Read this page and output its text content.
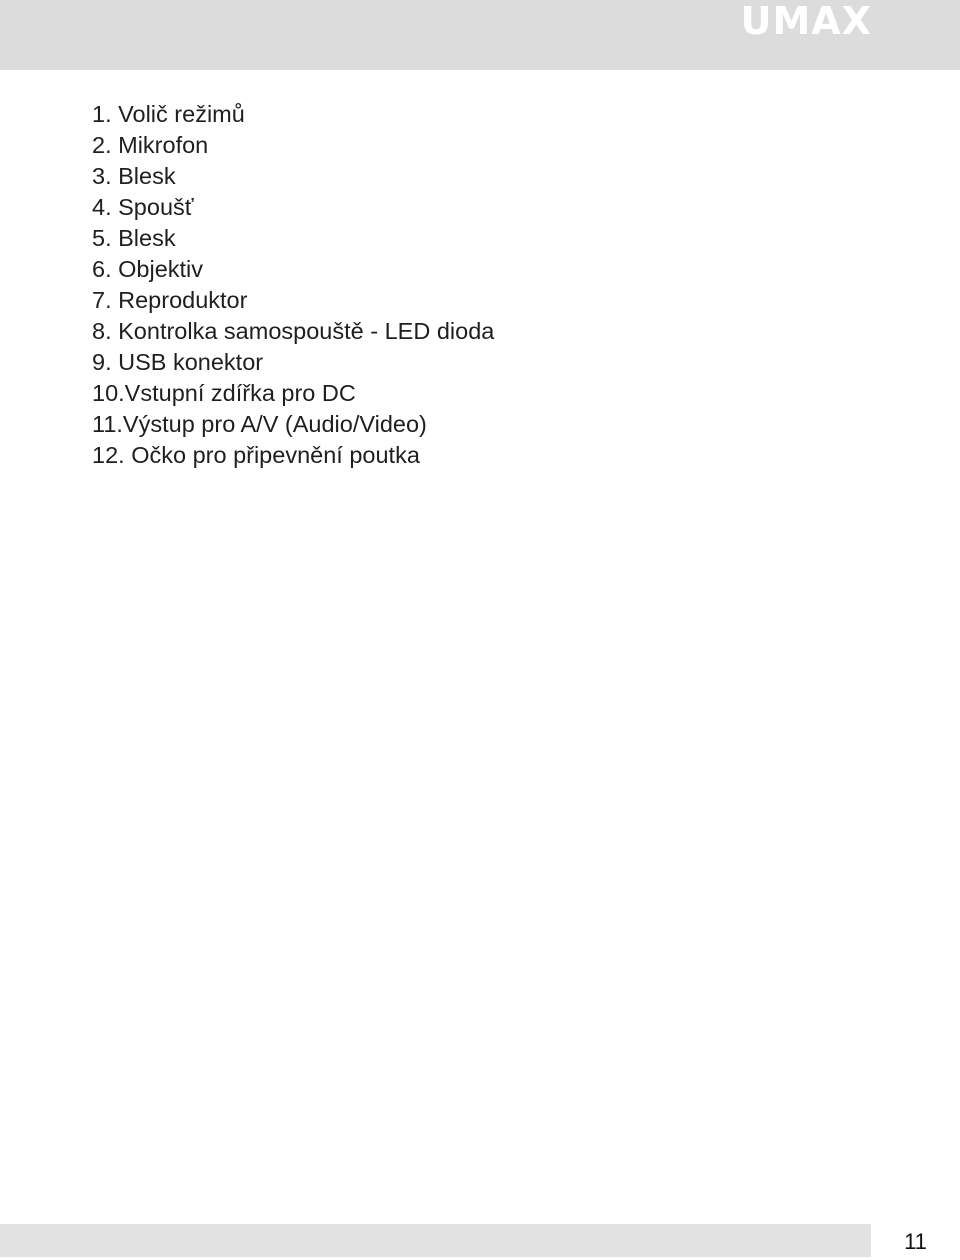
UMAX
1. Volič režimů
2. Mikrofon
3. Blesk
4. Spoušť
5. Blesk
6. Objektiv
7. Reproduktor
8. Kontrolka samospouště - LED dioda
9. USB konektor
10.Vstupní zdířka pro DC
11.Výstup pro A/V (Audio/Video)
12. Očko pro připevnění poutka
11
